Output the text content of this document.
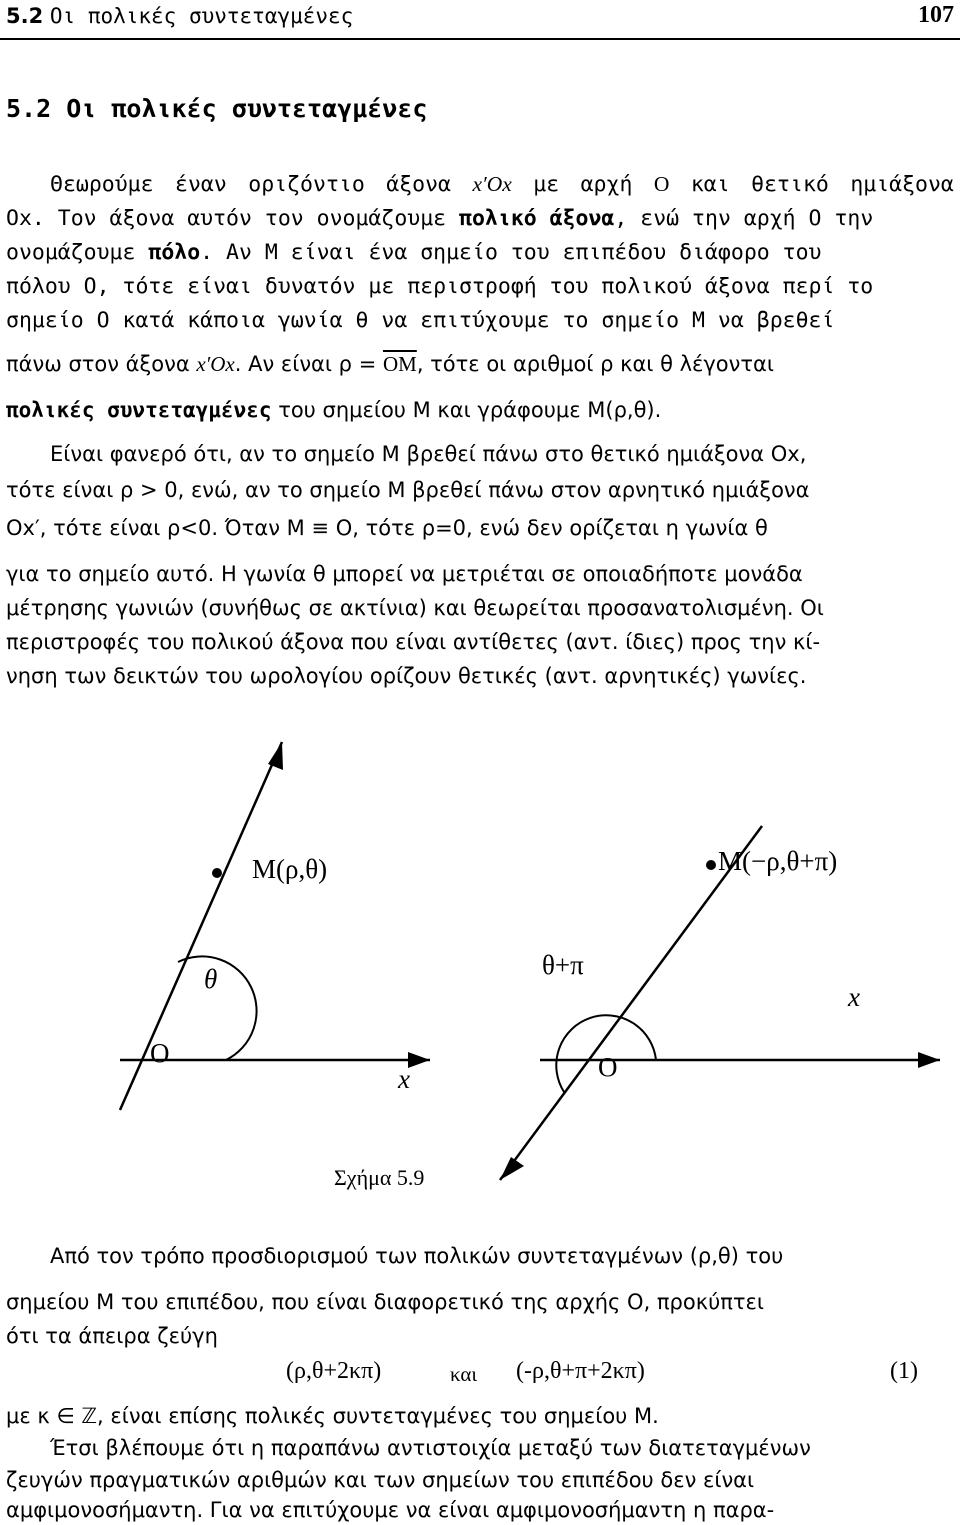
5.2 Οι πολικές συντεταγμένες	107
5.2 Οι πολικές συντεταγμένες
Θεωρούμε έναν οριζόντιο άξονα x′Ox με αρχή Ο και θετικό ημιάξονα
Ox. Τον άξονα αυτόν τον ονομάζουμε πολικό άξονα, ενώ την αρχή Ο την
ονομάζουμε πόλο. Αν Μ είναι ένα σημείο του επιπέδου διάφορο του
πόλου Ο, τότε είναι δυνατόν με περιστροφή του πολικού άξονα περί το
σημείο Ο κατά κάποια γωνία θ να επιτύχουμε το σημείο Μ να βρεθεί
πάνω στον άξονα x′Ox. Αν είναι $\rho = \overline{OM}$, τότε οι αριθμοί ρ και θ λέγονται
πολικές συντεταγμένες του σημείου Μ και γράφουμε Μ(ρ,θ).
Είναι φανερό ότι, αν το σημείο Μ βρεθεί πάνω στο θετικό ημιάξονα Ox,
τότε είναι ρ > 0, ενώ, αν το σημείο Μ βρεθεί πάνω στον αρνητικό ημιάξονα
Ox′, τότε είναι ρ<0. Όταν Μ ≡ Ο, τότε ρ=0, ενώ δεν ορίζεται η γωνία θ
για το σημείο αυτό. Η γωνία θ μπορεί να μετριέται σε οποιαδήποτε μονάδα
μέτρησης γωνιών (συνήθως σε ακτίνια) και θεωρείται προσανατολισμένη. Οι
περιστροφές του πολικού άξονα που είναι αντίθετες (αντ. ίδιες) προς την κί-
νηση των δεικτών του ωρολογίου ορίζουν θετικές (αντ. αρνητικές) γωνίες.
Μ(ρ,θ)
θ
Ο
x
Μ(−ρ,θ+π)
θ+π
Ο
x
Σχήμα 5.9
Από τον τρόπο προσδιορισμού των πολικών συντεταγμένων (ρ,θ) του
σημείου Μ του επιπέδου, που είναι διαφορετικό της αρχής Ο, προκύπτει
ότι τα άπειρα ζεύγη
(ρ,θ+2κπ)	και (-ρ,θ+π+2κπ)	(1)
με κ ∈ ℤ, είναι επίσης πολικές συντεταγμένες του σημείου Μ.
Έτσι βλέπουμε ότι η παραπάνω αντιστοιχία μεταξύ των διατεταγμένων
ζευγών πραγματικών αριθμών και των σημείων του επιπέδου δεν είναι
αμφιμονοσήμαντη. Για να επιτύχουμε να είναι αμφιμονοσήμαντη η παρα-
